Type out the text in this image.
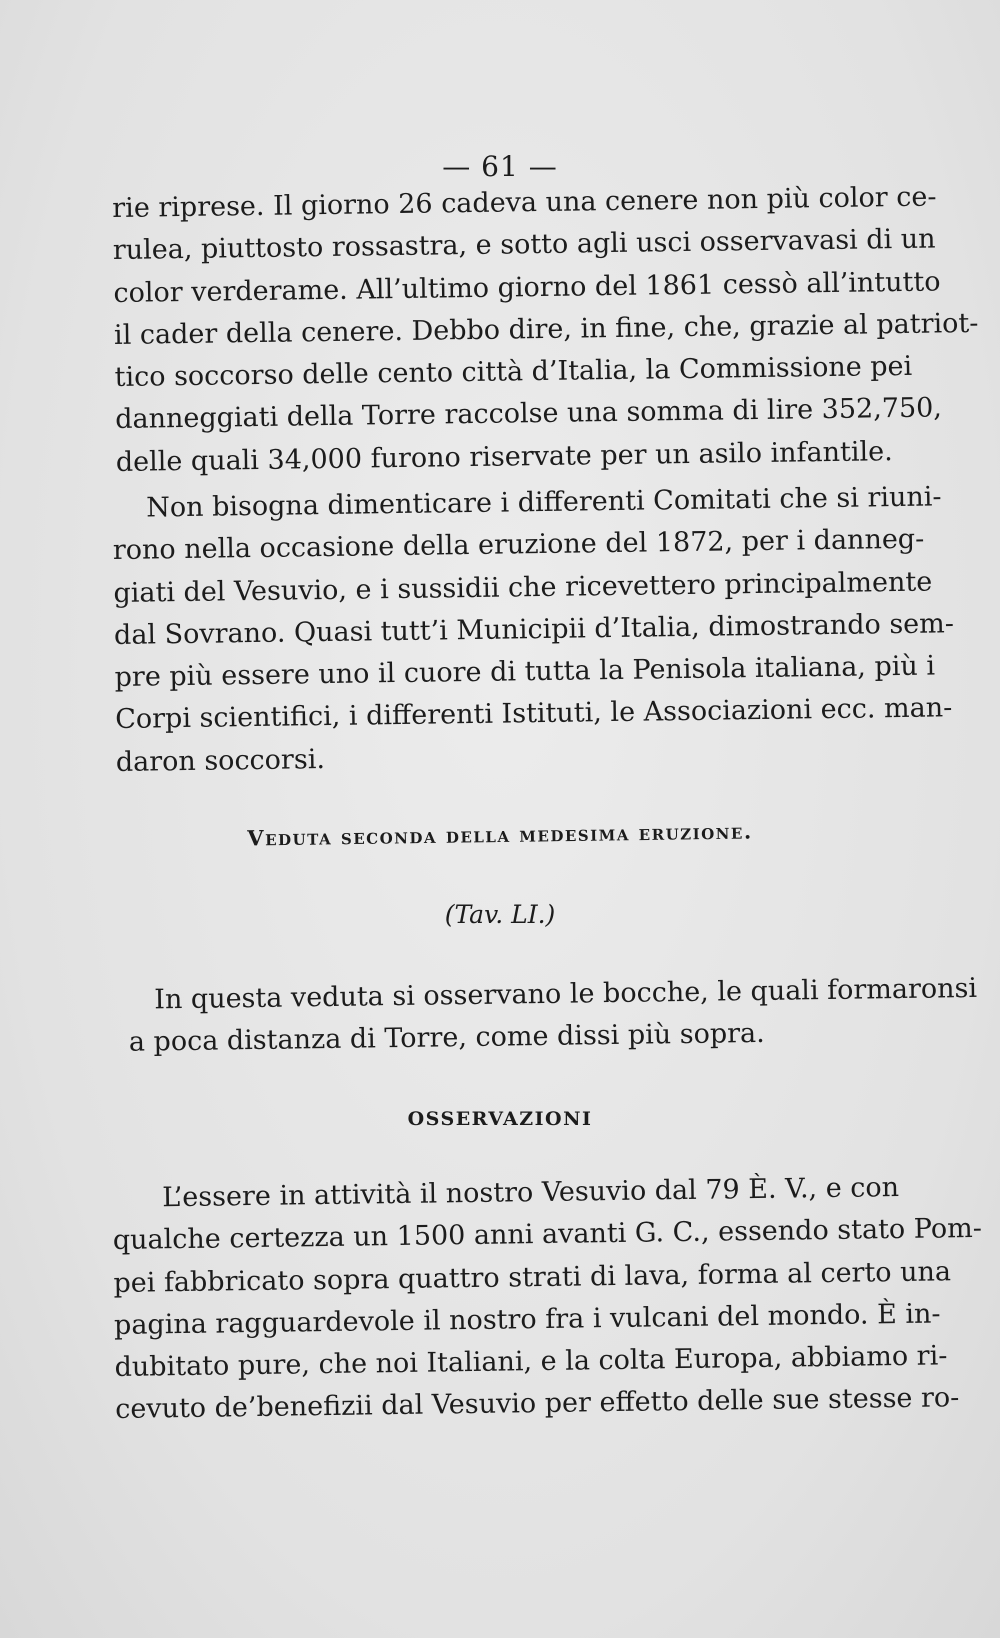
— 61 —
rie riprese. Il giorno 26 cadeva una cenere non più color ce-
rulea, piuttosto rossastra, e sotto agli usci osservavasi di un
color verderame. All’ultimo giorno del 1861 cessò all’intutto
il cader della cenere. Debbo dire, in fine, che, grazie al patriot-
tico soccorso delle cento città d’Italia, la Commissione pei
danneggiati della Torre raccolse una somma di lire 352,750,
delle quali 34,000 furono riservate per un asilo infantile.
Non bisogna dimenticare i differenti Comitati che si riuni-
rono nella occasione della eruzione del 1872, per i danneg-
giati del Vesuvio, e i sussidii che ricevettero principalmente
dal Sovrano. Quasi tutt’i Municipii d’Italia, dimostrando sem-
pre più essere uno il cuore di tutta la Penisola italiana, più i
Corpi scientifici, i differenti Istituti, le Associazioni ecc. man-
daron soccorsi.
Veduta seconda della medesima eruzione.
(Tav. LI.)
In questa veduta si osservano le bocche, le quali formaronsi
a poca distanza di Torre, come dissi più sopra.
OSSERVAZIONI
L’essere in attività il nostro Vesuvio dal 79 È. V., e con
qualche certezza un 1500 anni avanti G. C., essendo stato Pom-
pei fabbricato sopra quattro strati di lava, forma al certo una
pagina ragguardevole il nostro fra i vulcani del mondo. È in-
dubitato pure, che noi Italiani, e la colta Europa, abbiamo ri-
cevuto de’benefizii dal Vesuvio per effetto delle sue stesse ro-
